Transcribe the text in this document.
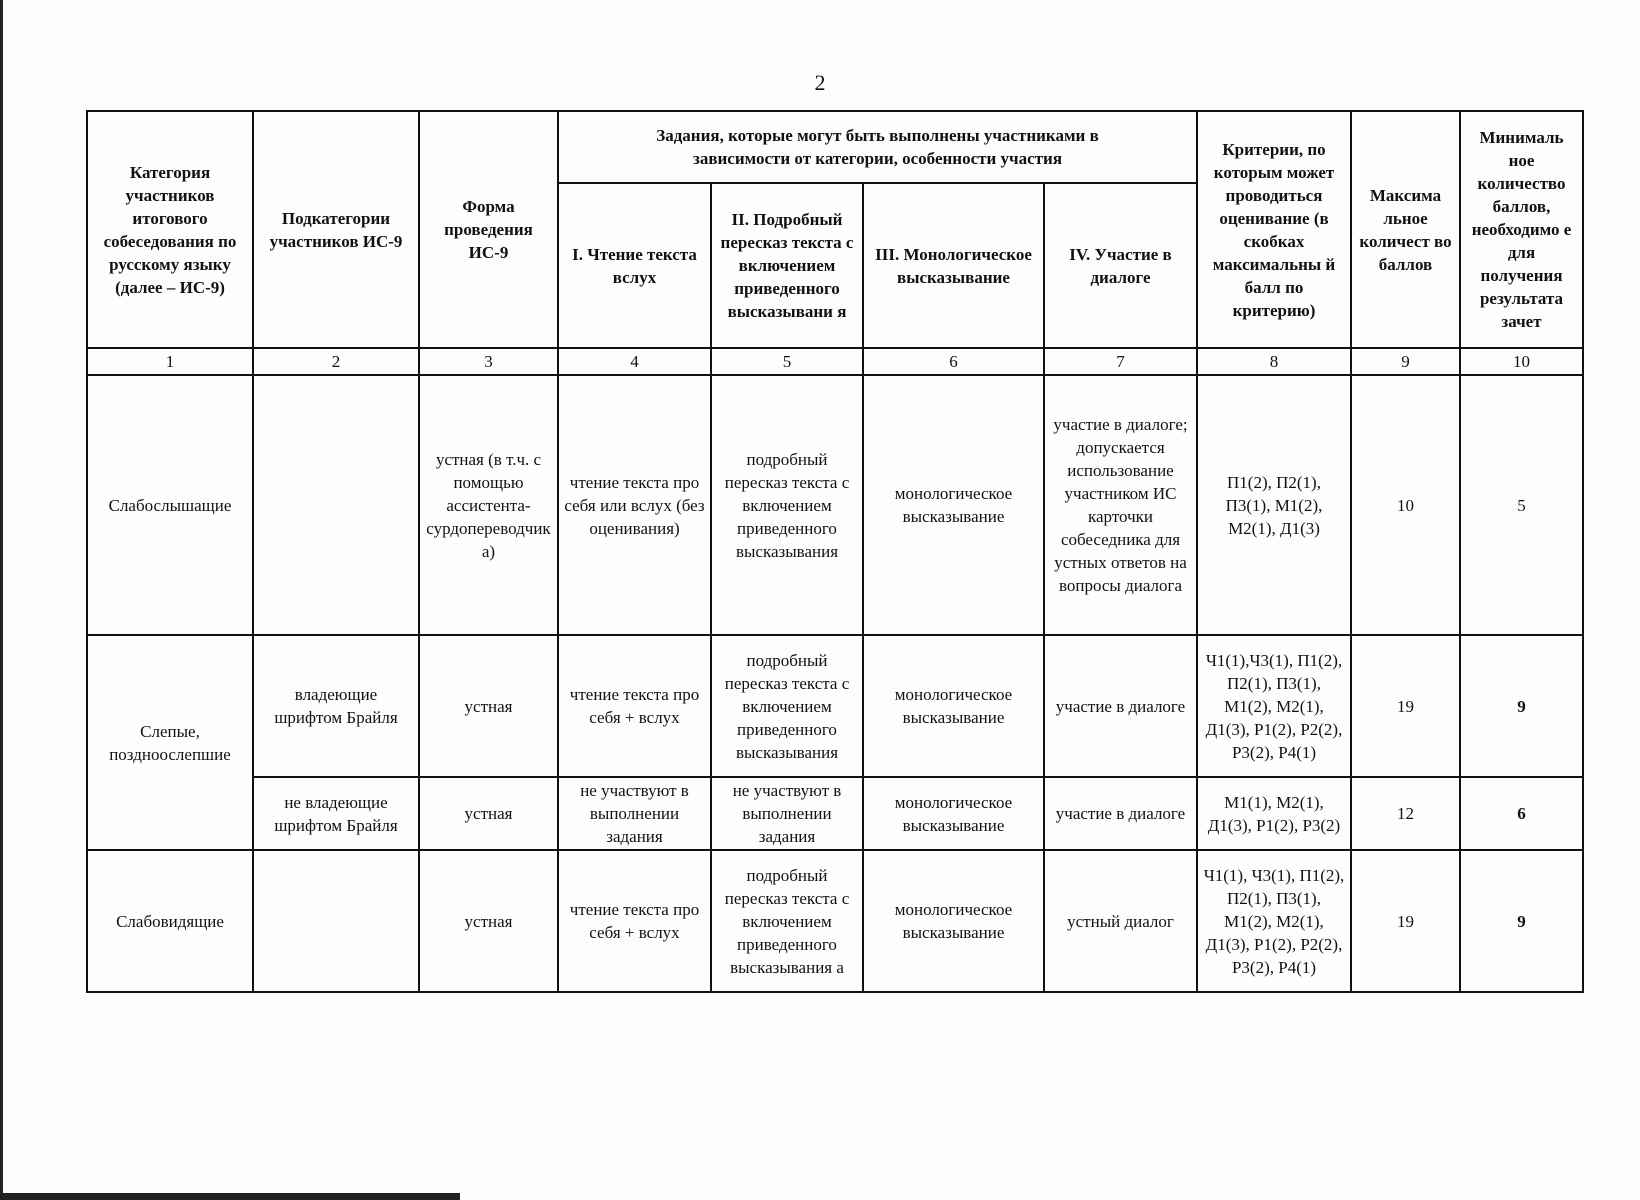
2
Категория участников итогового собеседования по русскому языку (далее – ИС-9)	Подкатегории участников ИС-9	Форма проведения ИС-9	Задания, которые могут быть выполнены участниками в зависимости от категории, особенности участия				Критерии, по которым может проводиться оценивание (в скобках максимальны й балл по критерию)	Максима льное количест во баллов	Минималь ное количество баллов, необходимо е для получения результата зачет
			I. Чтение текста вслух	II. Подробный пересказ текста с включением приведенного высказывани я	III. Монологическое высказывание	IV. Участие в диалоге			
1	2	3	4	5	6	7	8	9	10
Слабослышащие		устная (в т.ч. с помощью ассистента-сурдопереводчика)	чтение текста про себя или вслух (без оценивания)	подробный пересказ текста с включением приведенного высказывания	монологическое высказывание	участие в диалоге; допускается использование участником ИС карточки собеседника для устных ответов на вопросы диалога	П1(2), П2(1), П3(1), М1(2), М2(1), Д1(3)	10	5
Слепые, поздноослепшие	владеющие шрифтом Брайля	устная	чтение текста про себя + вслух	подробный пересказ текста с включением приведенного высказывания	монологическое высказывание	участие в диалоге	Ч1(1),Ч3(1), П1(2), П2(1), П3(1), М1(2), М2(1), Д1(3), Р1(2), Р2(2), Р3(2), Р4(1)	19	9
	не владеющие шрифтом Брайля	устная	не участвуют в выполнении задания	не участвуют в выполнении задания	монологическое высказывание	участие в диалоге	М1(1), М2(1), Д1(3), Р1(2), Р3(2)	12	6
Слабовидящие		устная	чтение текста про себя + вслух	подробный пересказ текста с включением приведенного высказывания а	монологическое высказывание	устный диалог	Ч1(1), Ч3(1), П1(2), П2(1), П3(1), М1(2), М2(1), Д1(3), Р1(2), Р2(2), Р3(2), Р4(1)	19	9
